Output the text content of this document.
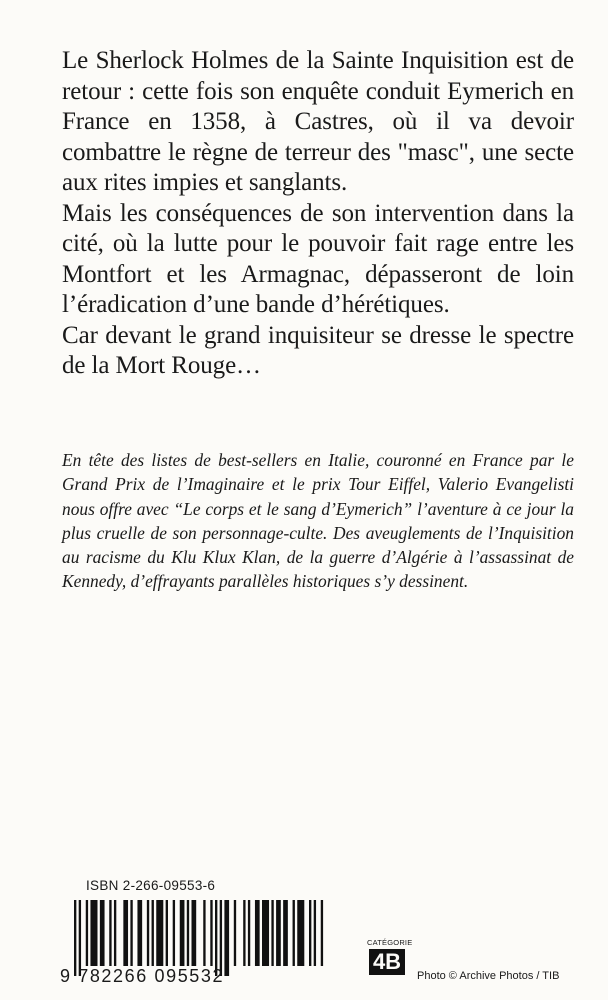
Le Sherlock Holmes de la Sainte Inquisition est de retour : cette fois son enquête conduit Eymerich en France en 1358, à Castres, où il va devoir combattre le règne de terreur des "masc", une secte aux rites impies et sanglants.

Mais les conséquences de son intervention dans la cité, où la lutte pour le pouvoir fait rage entre les Montfort et les Armagnac, dépasseront de loin l’éradication d’une bande d’hérétiques.

Car devant le grand inquisiteur se dresse le spectre de la Mort Rouge…

En tête des listes de best-sellers en Italie, couronné en France par le Grand Prix de l’Imaginaire et le prix Tour Eiffel, Valerio Evangelisti nous offre avec “Le corps et le sang d’Eymerich” l’aventure à ce jour la plus cruelle de son personnage-culte. Des aveuglements de l’Inquisition au racisme du Klu Klux Klan, de la guerre d’Algérie à l’assassinat de Kennedy, d’effrayants parallèles historiques s’y dessinent.

ISBN 2-266-09553-6
9 782266 095532
CATÉGORIE
4B
Photo © Archive Photos / TIB
